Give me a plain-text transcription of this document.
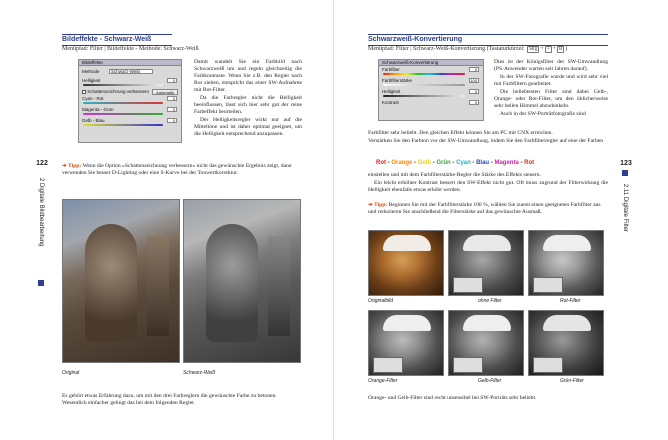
122
2 Digitale Bildbearbeitung
Bildeffekte - Schwarz-Weiß
Menüpfad: Filter | Bildeffekte - Methode: Schwarz-Weiß
Bildeffekte
Methode	Schwarz-Weiß
Helligkeit	0
Schattenzeichnung verbessern	Automatik
Cyan - Rot	0
Magenta - Grün	0
Gelb - Blau	0

Damit wandelt Sie ein Farbbild nach Schwarzweiß um und regeln gleichzeitig die Farbkontraste. Wenn Sie z.B. den Regler nach Rot ziehen, entspricht das einer SW-Aufnahme mit Rot-Filter.

Da die Farbregler nicht die Helligkeit beeinflussen, lässt sich hier sehr gut der reine Farbeffekt beurteilen.

Der Helligkeitsregler wirkt nur auf die Mitteltöne und ist daher optimal geeignet, um die Helligkeit entsprechend anzupassen.

➔ Tipp: Wenn die Option »Schattenzeichnung verbessern« nicht das gewünschte Ergebnis zeigt, dann verwenden Sie besser D-Lighting oder eine S-Kurve bei der Tonwertkorrektur.
Original	Schwarz-Weiß
Es gehört etwas Erfahrung dazu, um mit den drei Farbreglern die gewünschte Farbe zu betonen. Wesentlich einfacher gelingt das bei dem folgenden Regler.
123
2.11 Digitale Filter
Schwarzweiß-Konvertierung
Menüpfad: Filter | Schwarz-Weiß-Konvertierung (Tastaturkürzel: Strg + + + B )
Schwarzweiß-Konvertierung
Farbfilter	0
Farbfilterstärke	100
Helligkeit	0
Kontrast	0

Dies ist der Königsfilter der SW-Umwandlung (PS-Anwender warten seit Jahren darauf).

In der SW-Fotografie wurde und wird sehr viel mit Farbfiltern gearbeitet.

Die beliebtesten Filter sind dabei Gelb-, Orange- oder Rot-Filter, um den üblicherweise sehr hellen Himmel abzudunkeln.

Auch in der SW-Porträtfotografie sind

Farbfilter sehr beliebt. Den gleichen Effekt können Sie am PC mit CNX erreichen.

Verstärken Sie den Farbton vor der SW-Umwandlung, indem Sie den Farbfilterregler auf eine der Farben

Rot - Orange - Gelb - Grün - Cyan - Blau - Magenta - Rot

einstellen und mit dem Farbfilterstärke-Regler die Stärke des Effekts steuern.

Ein leicht erhöhter Kontrast bessert den SW-Effekt nicht gut. Oft muss zugrund der Filterwirkung die Helligkeit ebenfalls etwas erhöht werden.

➔ Tipp: Beginnen Sie mit der Farbfilterstärke 100 %, wählen Sie zuerst einen geeigneten Farbfilter aus und reduzieren Sie anschließend die Filterstärke auf das gewünschte Ausmaß.
Originalbild	ohne Filter	Rot-Filter
Orange-Filter	Gelb-Filter	Grün-Filter
Orange- und Gelb-Filter sind recht unsensibel bei SW-Porträts sehr beliebt.
